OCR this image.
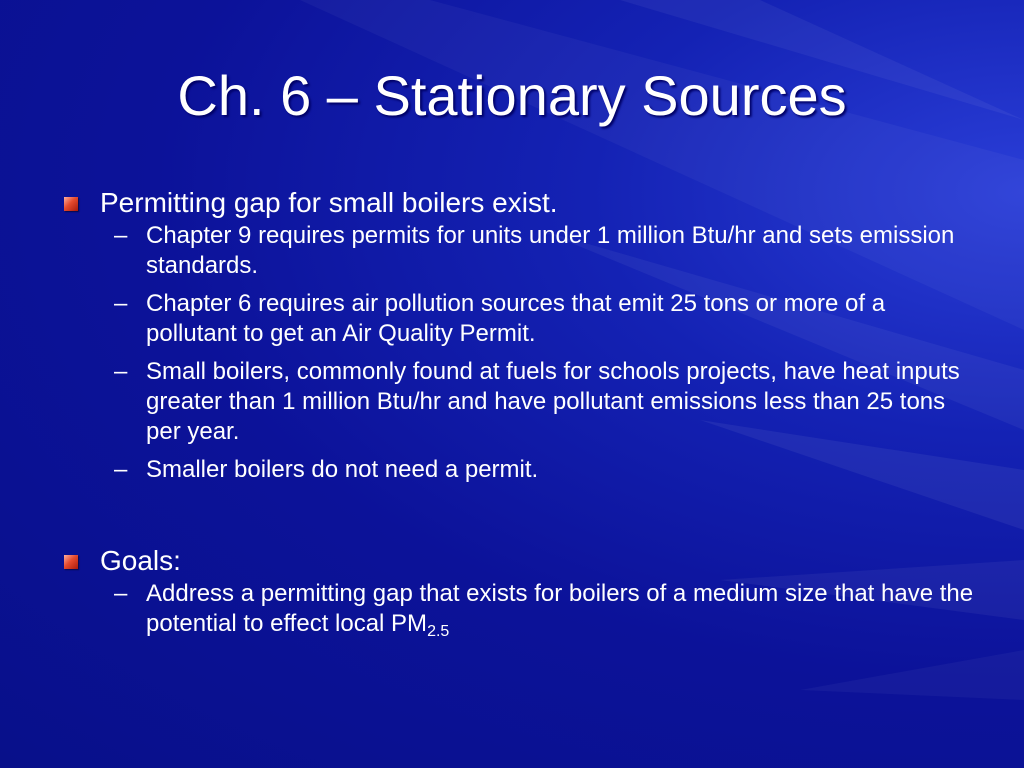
Ch. 6 – Stationary Sources
Permitting gap for small boilers exist.
– Chapter 9 requires permits for units under 1 million Btu/hr and sets emission standards.
– Chapter 6 requires air pollution sources that emit 25 tons or more of a pollutant to get an Air Quality Permit.
– Small boilers, commonly found at fuels for schools projects, have heat inputs greater than 1 million Btu/hr and have pollutant emissions less than 25 tons per year.
– Smaller boilers do not need a permit.
Goals:
– Address a permitting gap that exists for boilers of a medium size that have the potential to effect local $PM_{2.5}$
